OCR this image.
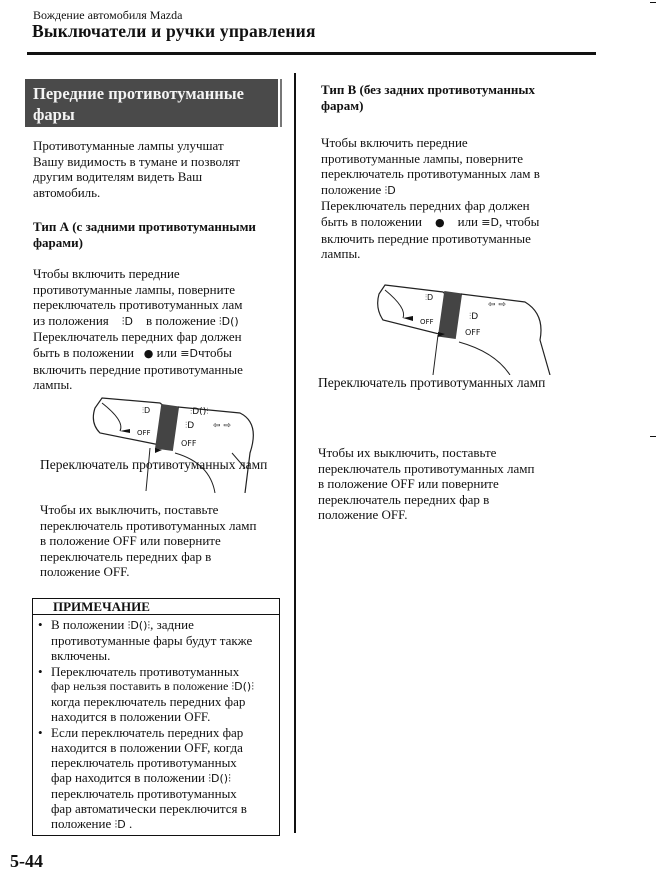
Вождение автомобиля Mazda
Выключатели и ручки управления
Передние противотуманные фары
Противотуманные лампы улучшат
Вашу видимость в тумане и позволят
другим водителям видеть Ваш
автомобиль.
Тип А (с задними противотуманными
фарами)
Чтобы включить передние
противотуманные лампы, поверните
переключатель противотуманных лам
из положения ⫶D в положение ⫶D()
Переключатель передних фар должен
быть в положении ● или ≡Dчтобы
включить передние противотуманные
лампы.
⫶D	⫶D()⫶
⫶D ⇦ ⇨
OFF
OFF
Переключатель противотуманных ламп
Чтобы их выключить, поставьте
переключатель противотуманных ламп
в положение OFF или поверните
переключатель передних фар в
положение OFF.
ПРИМЕЧАНИЕ
• В положении ⫶D()⫶, задние
противотуманные фары будут также
включены.
• Переключатель противотуманных
фар нельзя поставить в положение ⫶D()⫶
когда переключатель передних фар
находится в положении OFF.
• Если переключатель передних фар
находится в положении OFF, когда
переключатель противотуманных
фар находится в положении ⫶D()⫶
переключатель противотуманных
фар автоматически переключится в
положение ⫶D .
5-44
Тип В (без задних противотуманных
фарам)
Чтобы включить передние
противотуманные лампы, поверните
переключатель противотуманных лам в
положение ⫶D
Переключатель передних фар должен
быть в положении ● или ≡D, чтобы
включить передние противотуманные
лампы.
⫶D
⫶D
⇦ ⇨
OFF
OFF
Переключатель противотуманных ламп
Чтобы их выключить, поставьте
переключатель противотуманных ламп
в положение OFF или поверните
переключатель передних фар в
положение OFF.
